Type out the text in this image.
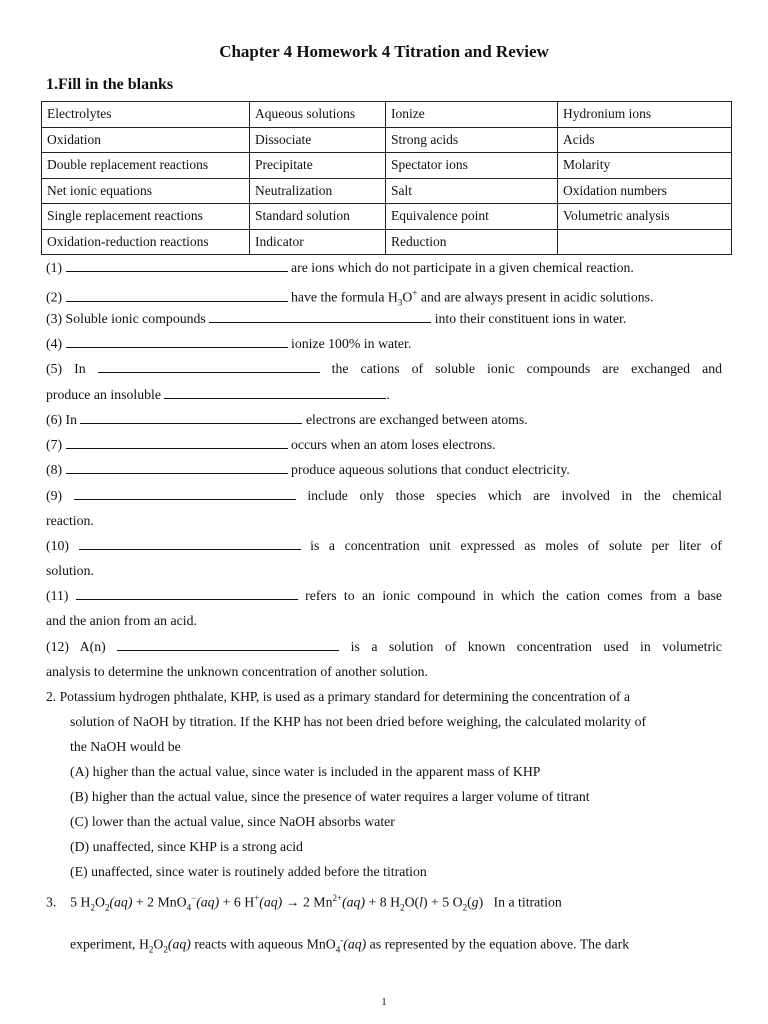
Chapter 4 Homework 4 Titration and Review
1.Fill in the blanks
Electrolytes	Aqueous solutions	Ionize	Hydronium ions
Oxidation	Dissociate	Strong acids	Acids
Double replacement reactions	Precipitate	Spectator ions	Molarity
Net ionic equations	Neutralization	Salt	Oxidation numbers
Single replacement reactions	Standard solution	Equivalence point	Volumetric analysis
Oxidation-reduction reactions	Indicator	Reduction	
(1)	are ions which do not participate in a given chemical reaction.
(2)	have the formula $H_3O^+$ and are always present in acidic solutions.
(3) Soluble ionic compounds	into their constituent ions in water.
(4)	ionize 100% in water.
(5) In	the cations of soluble ionic compounds are exchanged and
produce an insoluble	.
(6) In	electrons are exchanged between atoms.
(7)	occurs when an atom loses electrons.
(8)	produce aqueous solutions that conduct electricity.
(9)	include only those species which are involved in the chemical
reaction.
(10)	is a concentration unit expressed as moles of solute per liter of
solution.
(11)	refers to an ionic compound in which the cation comes from a base
and the anion from an acid.
(12) A(n)	is a solution of known concentration used in volumetric
analysis to determine the unknown concentration of another solution.
2. Potassium hydrogen phthalate, KHP, is used as a primary standard for determining the concentration of a
solution of NaOH by titration. If the KHP has not been dried before weighing, the calculated molarity of
the NaOH would be
(A) higher than the actual value, since water is included in the apparent mass of KHP
(B) higher than the actual value, since the presence of water requires a larger volume of titrant
(C) lower than the actual value, since NaOH absorbs water
(D) unaffected, since KHP is a strong acid
(E) unaffected, since water is routinely added before the titration
3. 5 $H_2O_2(aq) + 2$ MnO$_4$−(aq) + 6 H+(aq) → 2 $Mn^{2+}(aq) + 8$ $H_2O(l) + 5$ $O_2(g)$ In a titration
experiment, $H_2O_2(aq)$ reacts with aqueous MnO$_4$-(aq) as represented by the equation above. The dark
1
